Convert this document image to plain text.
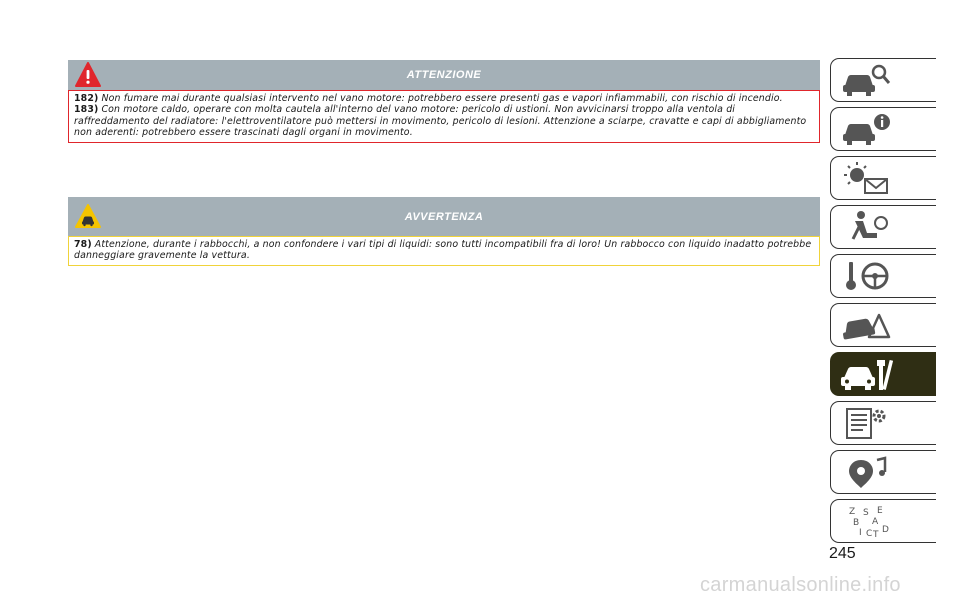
ATTENZIONE

182) Non fumare mai durante qualsiasi intervento nel vano motore: potrebbero essere presenti gas e vapori infiammabili, con rischio di incendio.

183) Con motore caldo, operare con molta cautela all'interno del vano motore: pericolo di ustioni. Non avvicinarsi troppo alla ventola di raffreddamento del radiatore: l'elettroventilatore può mettersi in movimento, pericolo di lesioni. Attenzione a sciarpe, cravatte e capi di abbigliamento non aderenti: potrebbero essere trascinati dagli organi in movimento.

AVVERTENZA

78) Attenzione, durante i rabbocchi, a non confondere i vari tipi di liquidi: sono tutti incompatibili fra di loro! Un rabbocco con liquido inadatto potrebbe danneggiare gravemente la vettura.

Z S E
B A
I C T D
245
carmanualsonline.info
